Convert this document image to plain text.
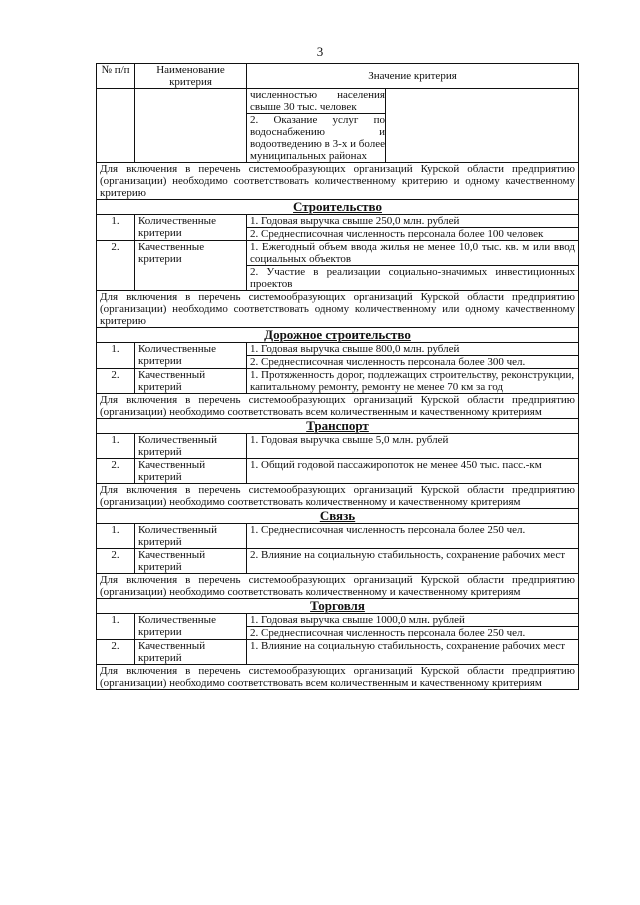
3
№ п/п	Наименование критерия	Значение критерия

		численностью населения свыше 30 тыс. человек
2. Оказание услуг по водоснабжению и водоотведению в 3-х и более муниципальных районах

Для включения в перечень системообразующих организаций Курской области предприятию (организации) необходимо соответствовать количественному критерию и одному качественному критерию		
Строительство		
1.	Количественные критерии	1. Годовая выручка свыше 250,0 млн. рублей
2. Среднесписочная численность персонала более 100 человек

2.	Качественные критерии	1. Ежегодный объем ввода жилья не менее 10,0 тыс. кв. м или ввод социальных объектов
2. Участие в реализации социально-значимых инвестиционных проектов

Для включения в перечень системообразующих организаций Курской области предприятию (организации) необходимо соответствовать одному количественному или одному качественному критерию		
Дорожное строительство		
1.	Количественные критерии	1. Годовая выручка свыше 800,0 млн. рублей
2. Среднесписочная численность персонала более 300 чел.

2.	Качественный критерий	1. Протяженность дорог, подлежащих строительству, реконструкции, капитальному ремонту, ремонту не менее 70 км за год

Для включения в перечень системообразующих организаций Курской области предприятию (организации) необходимо соответствовать всем количественным и качественному критериям		
Транспорт		
1.	Количественный критерий	1. Годовая выручка свыше 5,0 млн. рублей

2.	Качественный критерий	1. Общий годовой пассажиропоток не менее 450 тыс. пасс.-км

Для включения в перечень системообразующих организаций Курской области предприятию (организации) необходимо соответствовать количественному и качественному критериям		
Связь		
1.	Количественный критерий	1. Среднесписочная численность персонала более 250 чел.

2.	Качественный критерий	2. Влияние на социальную стабильность, сохранение рабочих мест

Для включения в перечень системообразующих организаций Курской области предприятию (организации) необходимо соответствовать количественному и качественному критериям		
Торговля		
1.	Количественные критерии	1. Годовая выручка свыше 1000,0 млн. рублей
2. Среднесписочная численность персонала более 250 чел.

2.	Качественный критерий	1. Влияние на социальную стабильность, сохранение рабочих мест

Для включения в перечень системообразующих организаций Курской области предприятию (организации) необходимо соответствовать всем количественным и качественному критериям		
